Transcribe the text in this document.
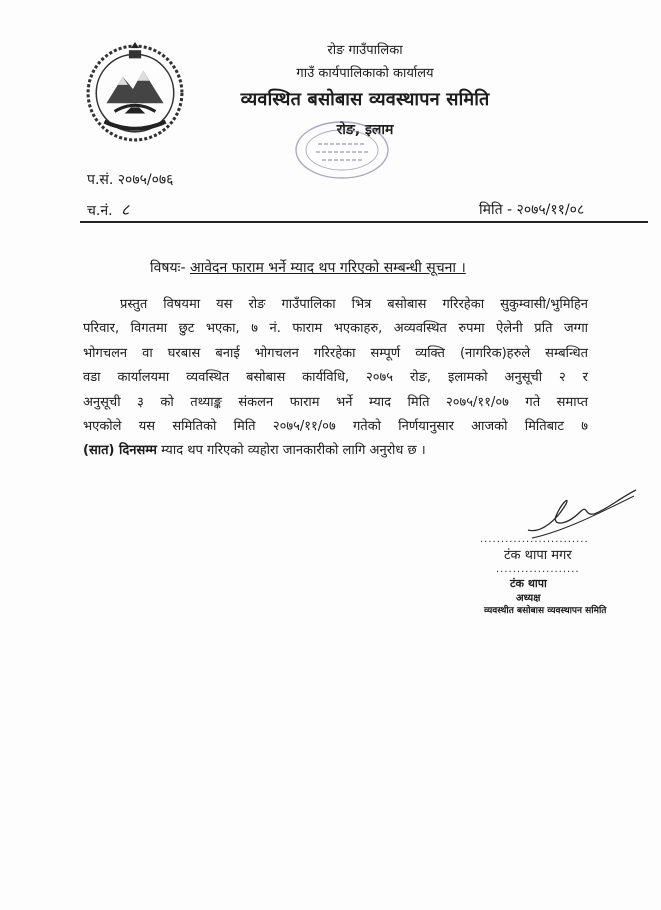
रोङ गाउँपालिका
गाउँ कार्यपालिकाको कार्यालय
व्यवस्थित बसोबास व्यवस्थापन समिति
रोङ, इलाम
प.सं. २०७५/०७६
च.नं. ८	मिति - २०७५/११/०८
विषयः- आवेदन फाराम भर्ने म्याद थप गरिएको सम्बन्धी सूचना ।
प्रस्तुत विषयमा यस रोङ गाउँपालिका भित्र बसोबास गरिरहेका सुकुम्वासी/भुमिहिन
परिवार, विगतमा छुट भएका, ७ नं. फाराम भएकाहरु, अव्यवस्थित रुपमा ऐलेनी प्रति जग्गा
भोगचलन वा घरबास बनाई भोगचलन गरिरहेका सम्पूर्ण व्यक्ति (नागरिक)हरुले सम्बन्धित
वडा कार्यालयमा व्यवस्थित बसोबास कार्यविधि, २०७५ रोङ, इलामको अनुसूची २ र
अनुसूची ३ को तथ्याङ्क संकलन फाराम भर्ने म्याद मिति २०७५/११/०७ गते समाप्त
भएकोले यस समितिको मिति २०७५/११/०७ गतेको निर्णयानुसार आजको मितिबाट ७
(सात) दिनसम्म म्याद थप गरिएको व्यहोरा जानकारीको लागि अनुरोध छ ।
..........................
टंक थापा मगर
....................
टंक थापा
अध्यक्ष
व्यवस्थीत बसोबास व्यवस्थापन समिति
